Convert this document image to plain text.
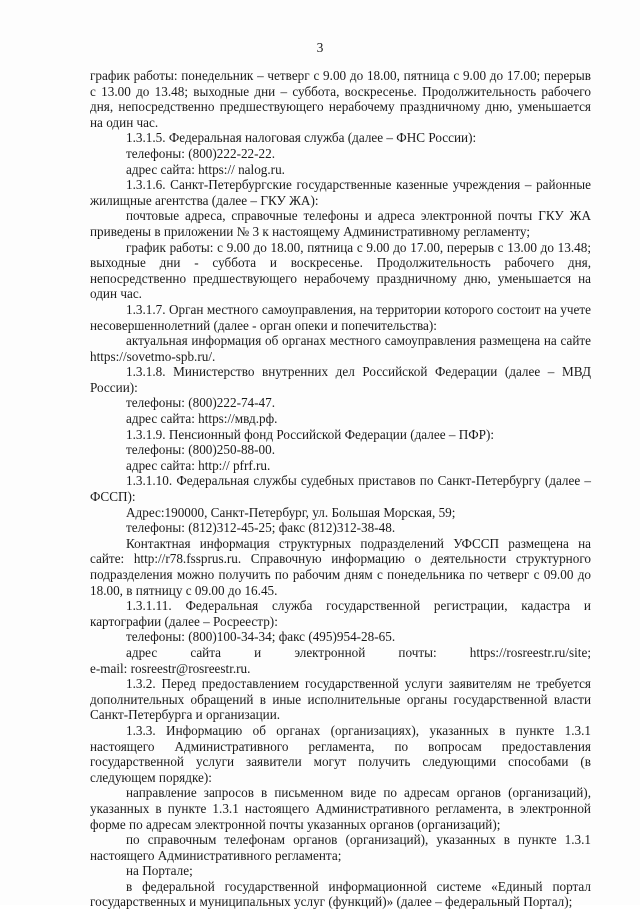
3

график работы: понедельник – четверг с 9.00 до 18.00, пятница с 9.00 до 17.00; перерыв с 13.00 до 13.48; выходные дни – суббота, воскресенье. Продолжительность рабочего дня, непосредственно предшествующего нерабочему праздничному дню, уменьшается на один час.

1.3.1.5. Федеральная налоговая служба (далее – ФНС России):

телефоны: (800)222-22-22.

адрес сайта: https:// nalog.ru.

1.3.1.6. Санкт-Петербургские государственные казенные учреждения – районные жилищные агентства (далее – ГКУ ЖА):

почтовые адреса, справочные телефоны и адреса электронной почты ГКУ ЖА приведены в приложении № 3 к настоящему Административному регламенту;

график работы: с 9.00 до 18.00, пятница с 9.00 до 17.00, перерыв с 13.00 до 13.48; выходные дни - суббота и воскресенье. Продолжительность рабочего дня, непосредственно предшествующего нерабочему праздничному дню, уменьшается на один час.

1.3.1.7. Орган местного самоуправления, на территории которого состоит на учете несовершеннолетний (далее - орган опеки и попечительства):

актуальная информация об органах местного самоуправления размещена на сайте https://sovetmo-spb.ru/.

1.3.1.8. Министерство внутренних дел Российской Федерации (далее – МВД России):

телефоны: (800)222-74-47.

адрес сайта: https://мвд.рф.

1.3.1.9. Пенсионный фонд Российской Федерации (далее – ПФР):

телефоны: (800)250-88-00.

адрес сайта: http:// pfrf.ru.

1.3.1.10. Федеральная службы судебных приставов по Санкт-Петербургу (далее – ФССП):

Адрес:190000, Санкт-Петербург, ул. Большая Морская, 59;

телефоны: (812)312-45-25; факс (812)312-38-48.

Контактная информация структурных подразделений УФССП размещена на сайте: http://r78.fssprus.ru. Справочную информацию о деятельности структурного подразделения можно получить по рабочим дням с понедельника по четверг с 09.00 до 18.00, в пятницу с 09.00 до 16.45.

1.3.1.11. Федеральная служба государственной регистрации, кадастра и картографии (далее – Росреестр):

телефоны: (800)100-34-34; факс (495)954-28-65.

адрес сайта и электронной почты: https://rosreestr.ru/site;

e-mail: rosreestr@rosreestr.ru.

1.3.2. Перед предоставлением государственной услуги заявителям не требуется дополнительных обращений в иные исполнительные органы государственной власти Санкт-Петербурга и организации.

1.3.3. Информацию об органах (организациях), указанных в пункте 1.3.1 настоящего Административного регламента, по вопросам предоставления государственной услуги заявители могут получить следующими способами (в следующем порядке):

направление запросов в письменном виде по адресам органов (организаций), указанных в пункте 1.3.1 настоящего Административного регламента, в электронной форме по адресам электронной почты указанных органов (организаций);

по справочным телефонам органов (организаций), указанных в пункте 1.3.1 настоящего Административного регламента;

на Портале;

в федеральной государственной информационной системе «Единый портал государственных и муниципальных услуг (функций)» (далее – федеральный Портал);
